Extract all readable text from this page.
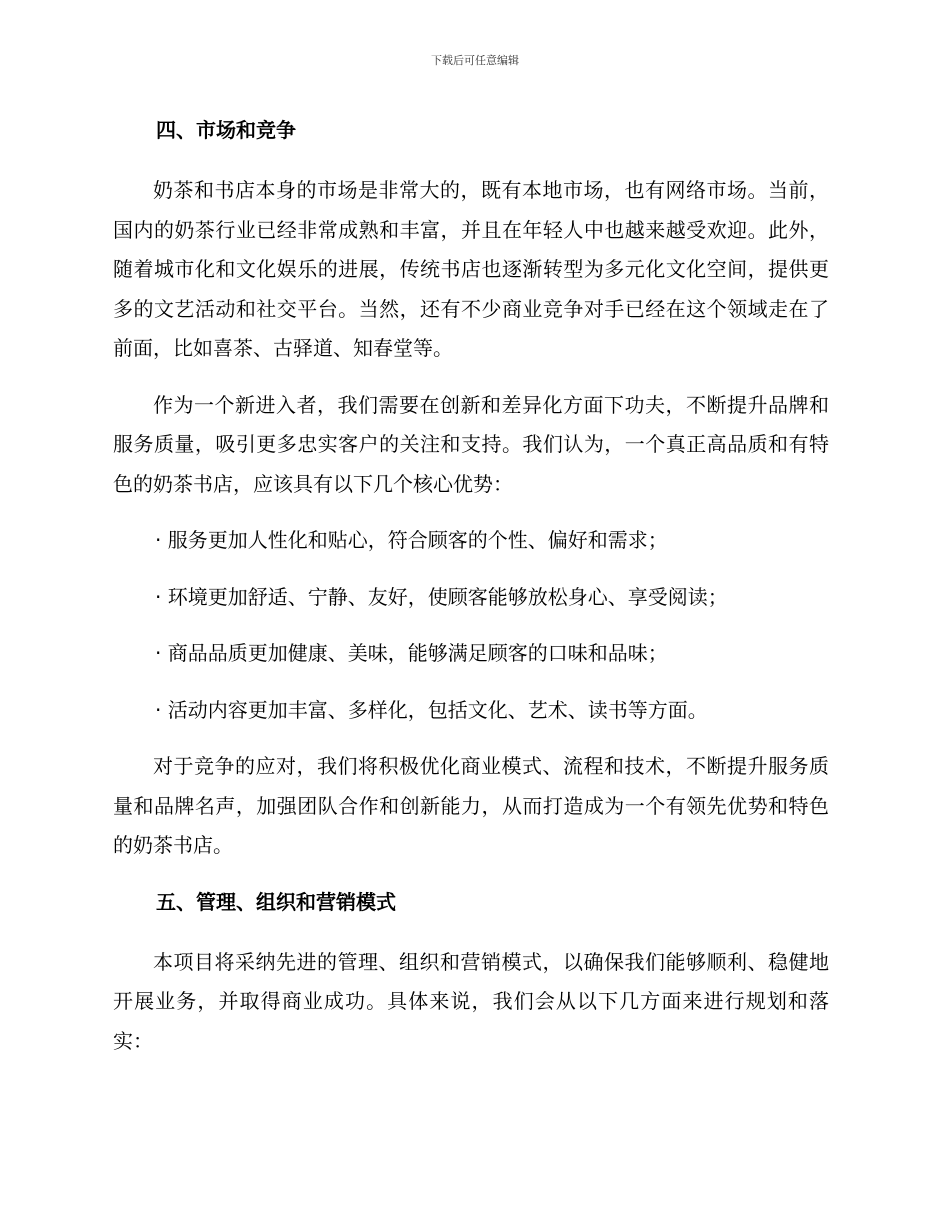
下载后可任意编辑
四、市场和竞争

奶茶和书店本身的市场是非常大的，既有本地市场，也有网络市场。当前，国内的奶茶行业已经非常成熟和丰富，并且在年轻人中也越来越受欢迎。此外，随着城市化和文化娱乐的进展，传统书店也逐渐转型为多元化文化空间，提供更多的文艺活动和社交平台。当然，还有不少商业竞争对手已经在这个领域走在了前面，比如喜茶、古驿道、知春堂等。

作为一个新进入者，我们需要在创新和差异化方面下功夫，不断提升品牌和服务质量，吸引更多忠实客户的关注和支持。我们认为，一个真正高品质和有特色的奶茶书店，应该具有以下几个核心优势：

· 服务更加人性化和贴心，符合顾客的个性、偏好和需求；

· 环境更加舒适、宁静、友好，使顾客能够放松身心、享受阅读；

· 商品品质更加健康、美味，能够满足顾客的口味和品味；

· 活动内容更加丰富、多样化，包括文化、艺术、读书等方面。

对于竞争的应对，我们将积极优化商业模式、流程和技术，不断提升服务质量和品牌名声，加强团队合作和创新能力，从而打造成为一个有领先优势和特色的奶茶书店。

五、管理、组织和营销模式

本项目将采纳先进的管理、组织和营销模式，以确保我们能够顺利、稳健地开展业务，并取得商业成功。具体来说，我们会从以下几方面来进行规划和落实：
